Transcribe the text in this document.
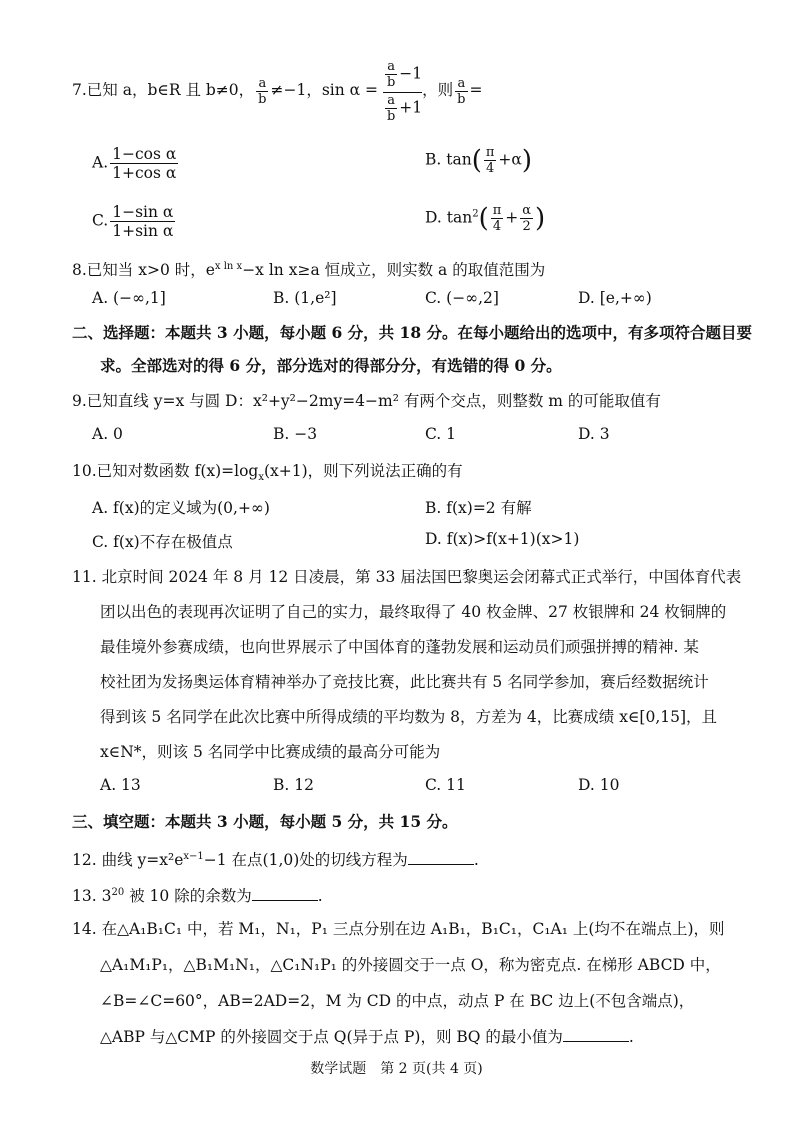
7.已知 a，b∈R 且 b≠0， $\frac{a}{b} \ne-1$，$\sin \alpha = \frac{\frac{a}{b} -1}{\frac{a}{b} +1}$ ，则 $\frac{a}{b}$ =
A. $\frac{\text{1−cos α}}{\text{1+cos α}}$	B. $\tan( \frac{\pi}{4} +\alpha)$
C. $\frac{\text{1−sin α}}{\text{1+sin α}}$	D. $\tan^2( \frac{\pi}{4} + \frac{\alpha}{2}$ )
8.已知当 x>0 时，$e^{x ln x}-x$ ln x≥a 恒成立，则实数 a 的取值范围为
A. (−∞,1]	B. (1,e²]	C. (−∞,2]	D. [e,+∞)
二、选择题：本题共 3 小题，每小题 6 分，共 18 分。在每小题给出的选项中，有多项符合题目要
求。全部选对的得 6 分，部分选对的得部分分，有选错的得 0 分。
9.已知直线 y=x 与圆 D：x²+y²−2my=4−m² 有两个交点，则整数 m 的可能取值有
A. 0	B. −3	C. 1	D. 3
10.已知对数函数 $f(x)=\log_x(x+1)$，则下列说法正确的有
A. f(x)的定义域为(0,+∞)	B. f(x)=2 有解
C. f(x)不存在极值点	D. f(x)>f(x+1)(x>1)
11. 北京时间 2024 年 8 月 12 日凌晨，第 33 届法国巴黎奥运会闭幕式正式举行，中国体育代表
团以出色的表现再次证明了自己的实力，最终取得了 40 枚金牌、27 枚银牌和 24 枚铜牌的
最佳境外参赛成绩，也向世界展示了中国体育的蓬勃发展和运动员们顽强拼搏的精神. 某
校社团为发扬奥运体育精神举办了竞技比赛，此比赛共有 5 名同学参加，赛后经数据统计
得到该 5 名同学在此次比赛中所得成绩的平均数为 8，方差为 4，比赛成绩 x∈[0,15]，且
x∈N*，则该 5 名同学中比赛成绩的最高分可能为
A. 13	B. 12	C. 11	D. 10
三、填空题：本题共 3 小题，每小题 5 分，共 15 分。
12. 曲线 $y=x^2e^{x-1}-1$ 在点(1,0)处的切线方程为	.
13. $3^{20}$ 被 10 除的余数为	.
14. 在△A₁B₁C₁ 中，若 M₁，N₁，P₁ 三点分别在边 A₁B₁，B₁C₁，C₁A₁ 上(均不在端点上)，则
△A₁M₁P₁，△B₁M₁N₁，△C₁N₁P₁ 的外接圆交于一点 O，称为密克点. 在梯形 ABCD 中，
∠B=∠C=60°，AB=2AD=2，M 为 CD 的中点，动点 P 在 BC 边上(不包含端点)，
△ABP 与△CMP 的外接圆交于点 Q(异于点 P)，则 BQ 的最小值为	.
数学试题　第 2 页(共 4 页)
